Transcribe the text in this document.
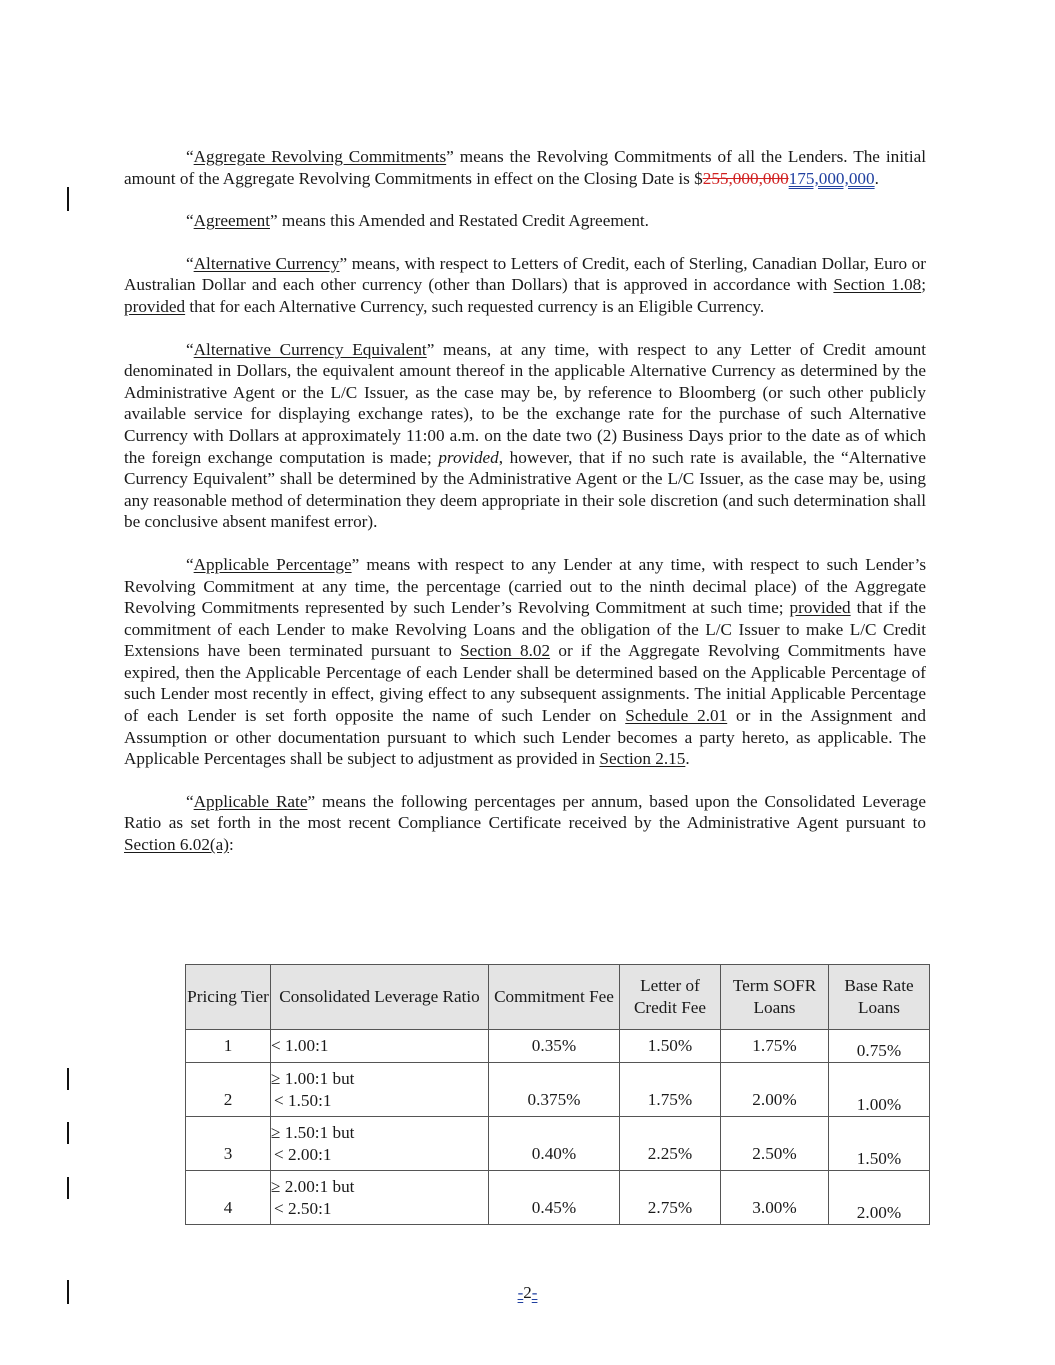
“Aggregate Revolving Commitments” means the Revolving Commitments of all the Lenders. The initial amount of the Aggregate Revolving Commitments in effect on the Closing Date is $255,000,000175,000,000.

“Agreement” means this Amended and Restated Credit Agreement.

“Alternative Currency” means, with respect to Letters of Credit, each of Sterling, Canadian Dollar, Euro or Australian Dollar and each other currency (other than Dollars) that is approved in accordance with Section 1.08; provided that for each Alternative Currency, such requested currency is an Eligible Currency.

“Alternative Currency Equivalent” means, at any time, with respect to any Letter of Credit amount denominated in Dollars, the equivalent amount thereof in the applicable Alternative Currency as determined by the Administrative Agent or the L/C Issuer, as the case may be, by reference to Bloomberg (or such other publicly available service for displaying exchange rates), to be the exchange rate for the purchase of such Alternative Currency with Dollars at approximately 11:00 a.m. on the date two (2) Business Days prior to the date as of which the foreign exchange computation is made; provided, however, that if no such rate is available, the “Alternative Currency Equivalent” shall be determined by the Administrative Agent or the L/C Issuer, as the case may be, using any reasonable method of determination they deem appropriate in their sole discretion (and such determination shall be conclusive absent manifest error).

“Applicable Percentage” means with respect to any Lender at any time, with respect to such Lender’s Revolving Commitment at any time, the percentage (carried out to the ninth decimal place) of the Aggregate Revolving Commitments represented by such Lender’s Revolving Commitment at such time; provided that if the commitment of each Lender to make Revolving Loans and the obligation of the L/C Issuer to make L/C Credit Extensions have been terminated pursuant to Section 8.02 or if the Aggregate Revolving Commitments have expired, then the Applicable Percentage of each Lender shall be determined based on the Applicable Percentage of such Lender most recently in effect, giving effect to any subsequent assignments. The initial Applicable Percentage of each Lender is set forth opposite the name of such Lender on Schedule 2.01 or in the Assignment and Assumption or other documentation pursuant to which such Lender becomes a party hereto, as applicable. The Applicable Percentages shall be subject to adjustment as provided in Section 2.15.

“Applicable Rate” means the following percentages per annum, based upon the Consolidated Leverage Ratio as set forth in the most recent Compliance Certificate received by the Administrative Agent pursuant to Section 6.02(a):

Pricing Tier	Consolidated Leverage Ratio	Commitment Fee	Letter of Credit Fee	Term SOFR Loans	Base Rate Loans
1	< 1.00:1	0.35%	1.50%	1.75%	0.75%
2	≥ 1.00:1 but
< 1.50:1	0.375%	1.75%	2.00%	1.00%
3	≥ 1.50:1 but
< 2.00:1	0.40%	2.25%	2.50%	1.50%
4	≥ 2.00:1 but
< 2.50:1	0.45%	2.75%	3.00%	2.00%
-2-
